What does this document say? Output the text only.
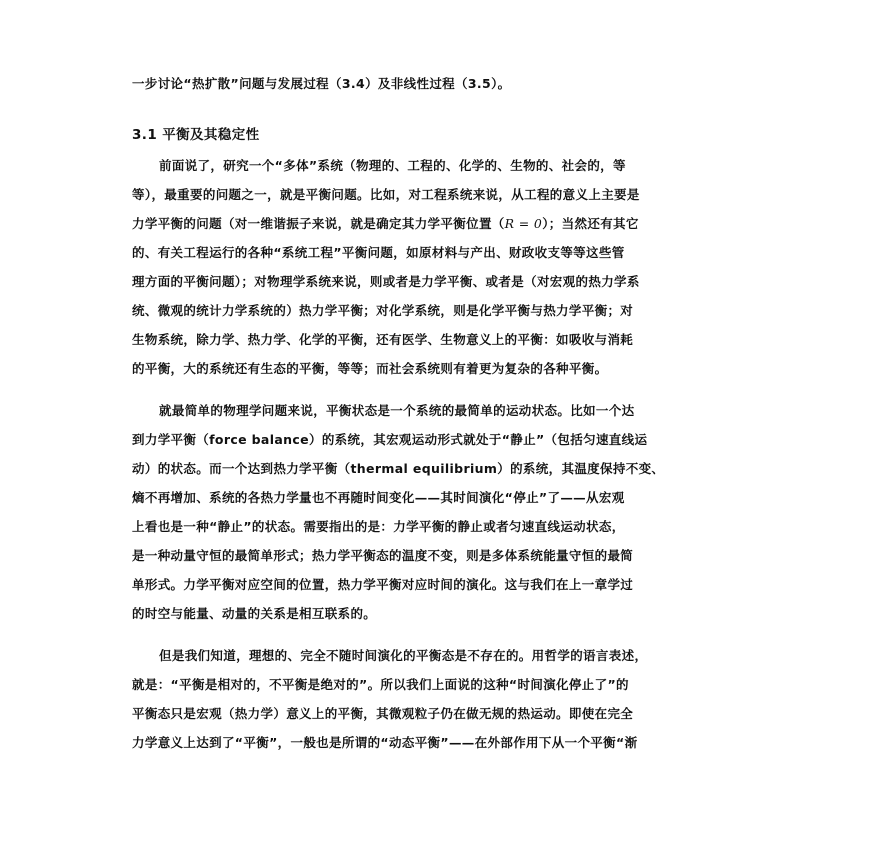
一步讨论“热扩散”问题与发展过程（3.4）及非线性过程（3.5）。
3.1 平衡及其稳定性
前面说了，研究一个“多体”系统（物理的、工程的、化学的、生物的、社会的，等
等），最重要的问题之一，就是平衡问题。比如，对工程系统来说，从工程的意义上主要是
力学平衡的问题（对一维谐振子来说，就是确定其力学平衡位置（R = 0）；当然还有其它
的、有关工程运行的各种“系统工程”平衡问题，如原材料与产出、财政收支等等这些管
理方面的平衡问题）；对物理学系统来说，则或者是力学平衡、或者是（对宏观的热力学系
统、微观的统计力学系统的）热力学平衡；对化学系统，则是化学平衡与热力学平衡；对
生物系统，除力学、热力学、化学的平衡，还有医学、生物意义上的平衡：如吸收与消耗
的平衡，大的系统还有生态的平衡，等等；而社会系统则有着更为复杂的各种平衡。
就最简单的物理学问题来说，平衡状态是一个系统的最简单的运动状态。比如一个达
到力学平衡（force balance）的系统，其宏观运动形式就处于“静止”（包括匀速直线运
动）的状态。而一个达到热力学平衡（thermal equilibrium）的系统，其温度保持不变、
熵不再增加、系统的各热力学量也不再随时间变化——其时间演化“停止”了——从宏观
上看也是一种“静止”的状态。需要指出的是：力学平衡的静止或者匀速直线运动状态，
是一种动量守恒的最简单形式；热力学平衡态的温度不变，则是多体系统能量守恒的最简
单形式。力学平衡对应空间的位置，热力学平衡对应时间的演化。这与我们在上一章学过
的时空与能量、动量的关系是相互联系的。
但是我们知道，理想的、完全不随时间演化的平衡态是不存在的。用哲学的语言表述，
就是：“平衡是相对的，不平衡是绝对的”。所以我们上面说的这种“时间演化停止了”的
平衡态只是宏观（热力学）意义上的平衡，其微观粒子仍在做无规的热运动。即使在完全
力学意义上达到了“平衡”，一般也是所谓的“动态平衡”——在外部作用下从一个平衡“渐
